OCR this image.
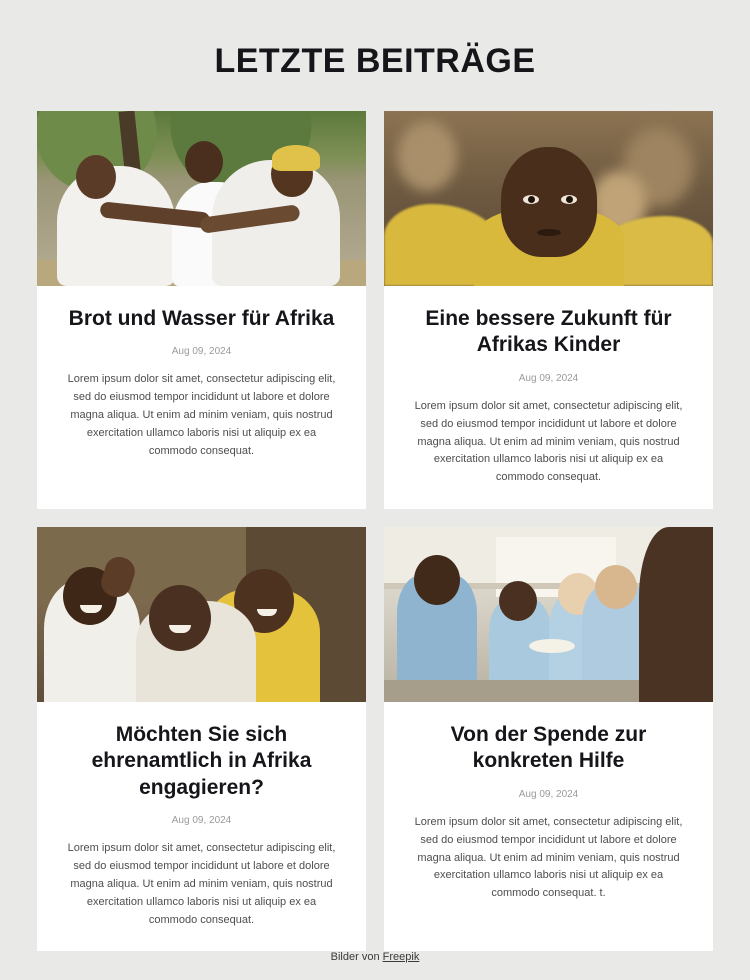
LETZTE BEITRÄGE
Brot und Wasser für Afrika
Aug 09, 2024

Lorem ipsum dolor sit amet, consectetur adipiscing elit, sed do eiusmod tempor incididunt ut labore et dolore magna aliqua. Ut enim ad minim veniam, quis nostrud exercitation ullamco laboris nisi ut aliquip ex ea commodo consequat.

Eine bessere Zukunft für Afrikas Kinder
Aug 09, 2024

Lorem ipsum dolor sit amet, consectetur adipiscing elit, sed do eiusmod tempor incididunt ut labore et dolore magna aliqua. Ut enim ad minim veniam, quis nostrud exercitation ullamco laboris nisi ut aliquip ex ea commodo consequat.

Möchten Sie sich ehrenamtlich in Afrika engagieren?
Aug 09, 2024

Lorem ipsum dolor sit amet, consectetur adipiscing elit, sed do eiusmod tempor incididunt ut labore et dolore magna aliqua. Ut enim ad minim veniam, quis nostrud exercitation ullamco laboris nisi ut aliquip ex ea commodo consequat.

Von der Spende zur konkreten Hilfe
Aug 09, 2024

Lorem ipsum dolor sit amet, consectetur adipiscing elit, sed do eiusmod tempor incididunt ut labore et dolore magna aliqua. Ut enim ad minim veniam, quis nostrud exercitation ullamco laboris nisi ut aliquip ex ea commodo consequat. t.

Bilder von Freepik
